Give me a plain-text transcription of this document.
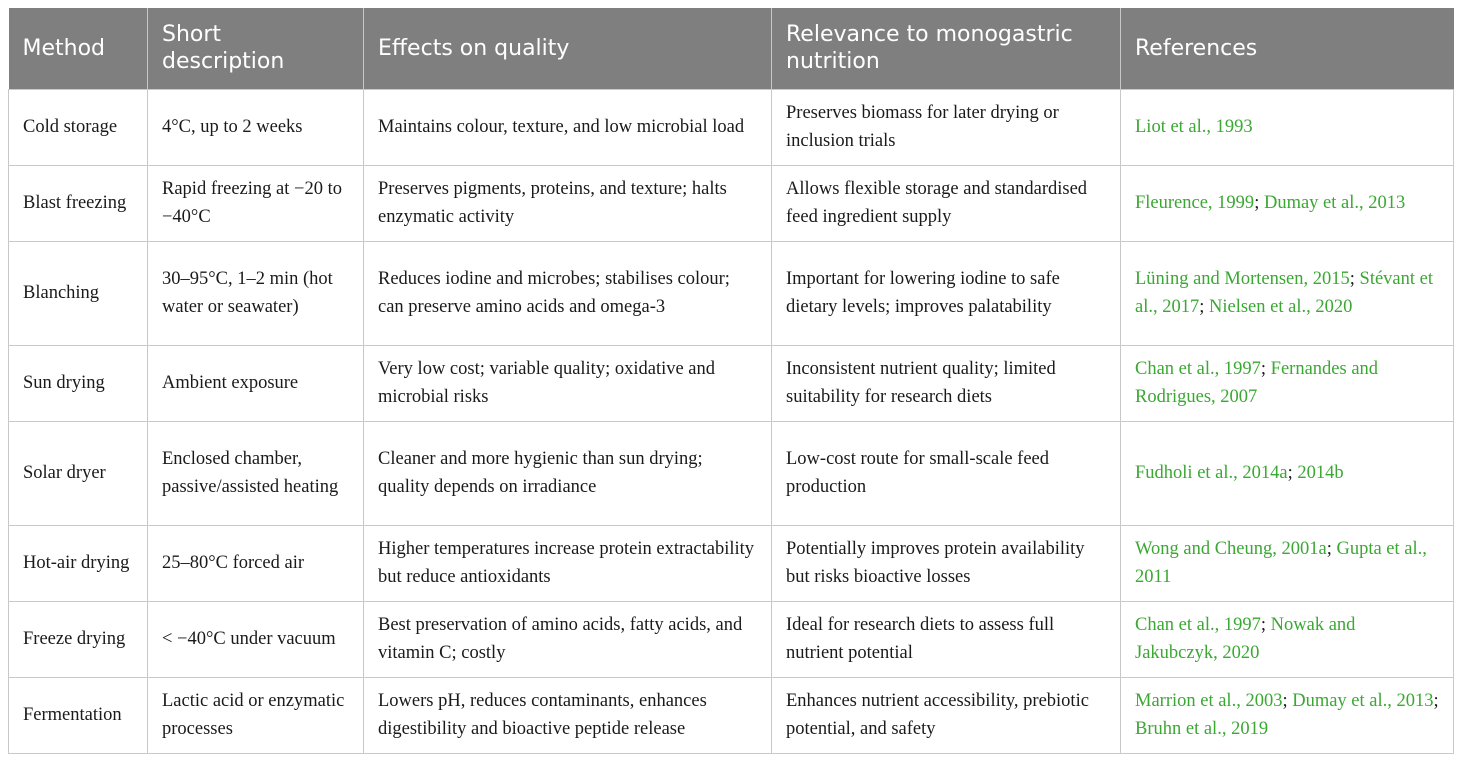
Method	Short description	Effects on quality	Relevance to monogastric nutrition	References
Cold storage	4°C, up to 2 weeks	Maintains colour, texture, and low microbial load	Preserves biomass for later drying or inclusion trials	Liot et al., 1993
Blast freezing	Rapid freezing at −20 to −40°C	Preserves pigments, proteins, and texture; halts enzymatic activity	Allows flexible storage and standardised feed ingredient supply	Fleurence, 1999; Dumay et al., 2013
Blanching	30–95°C, 1–2 min (hot water or seawater)	Reduces iodine and microbes; stabilises colour; can preserve amino acids and omega-3	Important for lowering iodine to safe dietary levels; improves palatability	Lüning and Mortensen, 2015; Stévant et al., 2017; Nielsen et al., 2020
Sun drying	Ambient exposure	Very low cost; variable quality; oxidative and microbial risks	Inconsistent nutrient quality; limited suitability for research diets	Chan et al., 1997; Fernandes and Rodrigues, 2007
Solar dryer	Enclosed chamber, passive/assisted heating	Cleaner and more hygienic than sun drying; quality depends on irradiance	Low-cost route for small-scale feed production	Fudholi et al., 2014a; 2014b
Hot-air drying	25–80°C forced air	Higher temperatures increase protein extractability but reduce antioxidants	Potentially improves protein availability but risks bioactive losses	Wong and Cheung, 2001a; Gupta et al., 2011
Freeze drying	< −40°C under vacuum	Best preservation of amino acids, fatty acids, and vitamin C; costly	Ideal for research diets to assess full nutrient potential	Chan et al., 1997; Nowak and Jakubczyk, 2020
Fermentation	Lactic acid or enzymatic processes	Lowers pH, reduces contaminants, enhances digestibility and bioactive peptide release	Enhances nutrient accessibility, prebiotic potential, and safety	Marrion et al., 2003; Dumay et al., 2013; Bruhn et al., 2019
